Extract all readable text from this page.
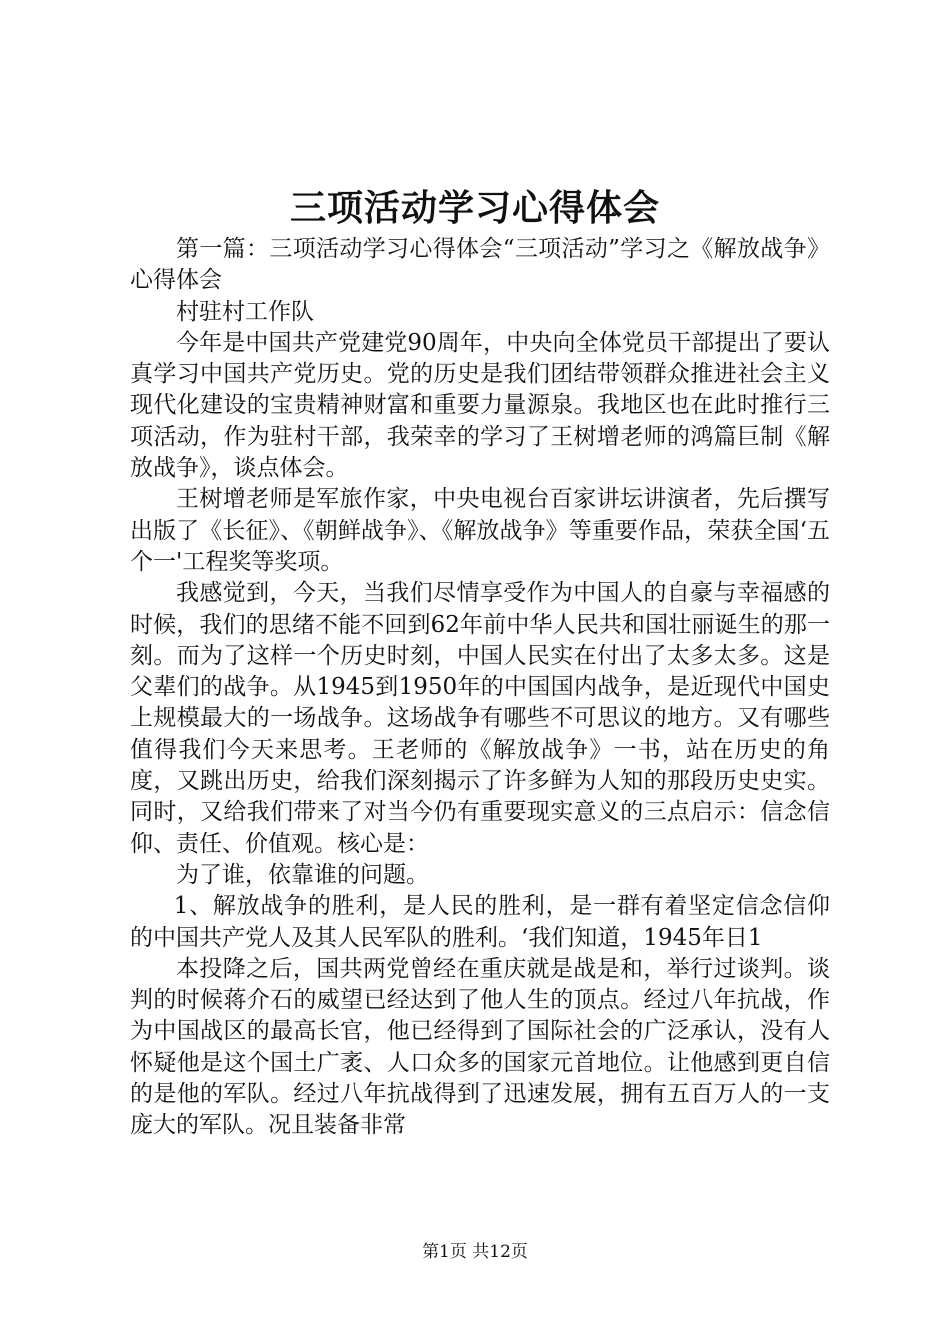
三项活动学习心得体会

第一篇：三项活动学习心得体会“三项活动”学习之《解放战争》心得体会

村驻村工作队

今年是中国共产党建党90周年，中央向全体党员干部提出了要认真学习中国共产党历史。党的历史是我们团结带领群众推进社会主义现代化建设的宝贵精神财富和重要力量源泉。我地区也在此时推行三项活动，作为驻村干部，我荣幸的学习了王树增老师的鸿篇巨制《解放战争》，谈点体会。

王树增老师是军旅作家，中央电视台百家讲坛讲演者，先后撰写出版了《长征》、《朝鲜战争》、《解放战争》等重要作品，荣获全国‘五个一'工程奖等奖项。

我感觉到，今天，当我们尽情享受作为中国人的自豪与幸福感的时候，我们的思绪不能不回到62年前中华人民共和国壮丽诞生的那一刻。而为了这样一个历史时刻，中国人民实在付出了太多太多。这是父辈们的战争。从1945到1950年的中国国内战争，是近现代中国史上规模最大的一场战争。这场战争有哪些不可思议的地方。又有哪些值得我们今天来思考。王老师的《解放战争》一书，站在历史的角度，又跳出历史，给我们深刻揭示了许多鲜为人知的那段历史史实。同时，又给我们带来了对当今仍有重要现实意义的三点启示：信念信仰、责任、价值观。核心是：

为了谁，依靠谁的问题。

1、解放战争的胜利，是人民的胜利，是一群有着坚定信念信仰的中国共产党人及其人民军队的胜利。‘我们知道，1945年日1

本投降之后，国共两党曾经在重庆就是战是和，举行过谈判。谈判的时候蒋介石的威望已经达到了他人生的顶点。经过八年抗战，作为中国战区的最高长官，他已经得到了国际社会的广泛承认，没有人怀疑他是这个国土广袤、人口众多的国家元首地位。让他感到更自信的是他的军队。经过八年抗战得到了迅速发展，拥有五百万人的一支庞大的军队。况且装备非常

第1页 共12页
